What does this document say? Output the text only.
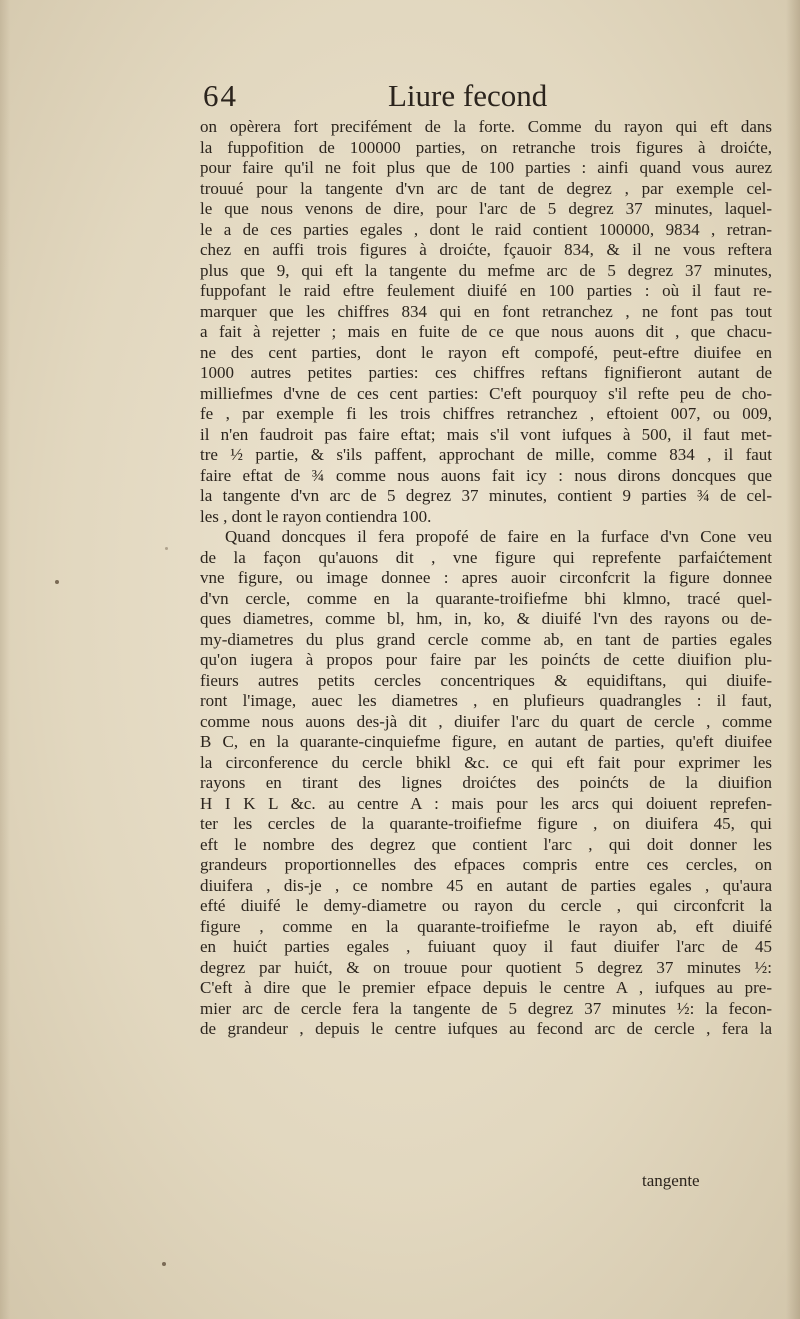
64	Liure fecond
on opèrera fort precifément de la forte. Comme du rayon qui eft dans
la fuppofition de 100000 parties, on retranche trois figures à droićte,
pour faire qu'il ne foit plus que de 100 parties : ainfi quand vous aurez
trouué pour la tangente d'vn arc de tant de degrez , par exemple cel-
le que nous venons de dire, pour l'arc de 5 degrez 37 minutes, laquel-
le a de ces parties egales , dont le raid contient 100000, 9834 , retran-
chez en auffi trois figures à droićte, fçauoir 834, & il ne vous reftera
plus que 9, qui eft la tangente du mefme arc de 5 degrez 37 minutes,
fuppofant le raid eftre feulement diuifé en 100 parties : où il faut re-
marquer que les chiffres 834 qui en font retranchez , ne font pas tout
a fait à rejetter ; mais en fuite de ce que nous auons dit , que chacu-
ne des cent parties, dont le rayon eft compofé, peut-eftre diuifee en
1000 autres petites parties: ces chiffres reftans fignifieront autant de
milliefmes d'vne de ces cent parties: C'eft pourquoy s'il refte peu de cho-
fe , par exemple fi les trois chiffres retranchez , eftoient 007, ou 009,
il n'en faudroit pas faire eftat; mais s'il vont iufques à 500, il faut met-
tre ½ partie, & s'ils paffent, approchant de mille, comme 834 , il faut
faire eftat de ¾ comme nous auons fait icy : nous dirons doncques que
la tangente d'vn arc de 5 degrez 37 minutes, contient 9 parties ¾ de cel-
les , dont le rayon contiendra 100.
Quand doncques il fera propofé de faire en la furface d'vn Cone veu
de la façon qu'auons dit , vne figure qui reprefente parfaićtement
vne figure, ou image donnee : apres auoir circonfcrit la figure donnee
d'vn cercle, comme en la quarante-troifiefme bhi klmno, tracé quel-
ques diametres, comme bl, hm, in, ko, & diuifé l'vn des rayons ou de-
my-diametres du plus grand cercle comme ab, en tant de parties egales
qu'on iugera à propos pour faire par les poinćts de cette diuifion plu-
fieurs autres petits cercles concentriques & equidiftans, qui diuife-
ront l'image, auec les diametres , en plufieurs quadrangles : il faut,
comme nous auons des-jà dit , diuifer l'arc du quart de cercle , comme
B C, en la quarante-cinquiefme figure, en autant de parties, qu'eft diuifee
la circonference du cercle bhikl &c. ce qui eft fait pour exprimer les
rayons en tirant des lignes droićtes des poinćts de la diuifion
H I K L &c. au centre A : mais pour les arcs qui doiuent reprefen-
ter les cercles de la quarante-troifiefme figure , on diuifera 45, qui
eft le nombre des degrez que contient l'arc , qui doit donner les
grandeurs proportionnelles des efpaces compris entre ces cercles, on
diuifera , dis-je , ce nombre 45 en autant de parties egales , qu'aura
efté diuifé le demy-diametre ou rayon du cercle , qui circonfcrit la
figure , comme en la quarante-troifiefme le rayon ab, eft diuifé
en huićt parties egales , fuiuant quoy il faut diuifer l'arc de 45
degrez par huićt, & on trouue pour quotient 5 degrez 37 minutes ½:
C'eft à dire que le premier efpace depuis le centre A , iufques au pre-
mier arc de cercle fera la tangente de 5 degrez 37 minutes ½: la fecon-
de grandeur , depuis le centre iufques au fecond arc de cercle , fera la
tangente
